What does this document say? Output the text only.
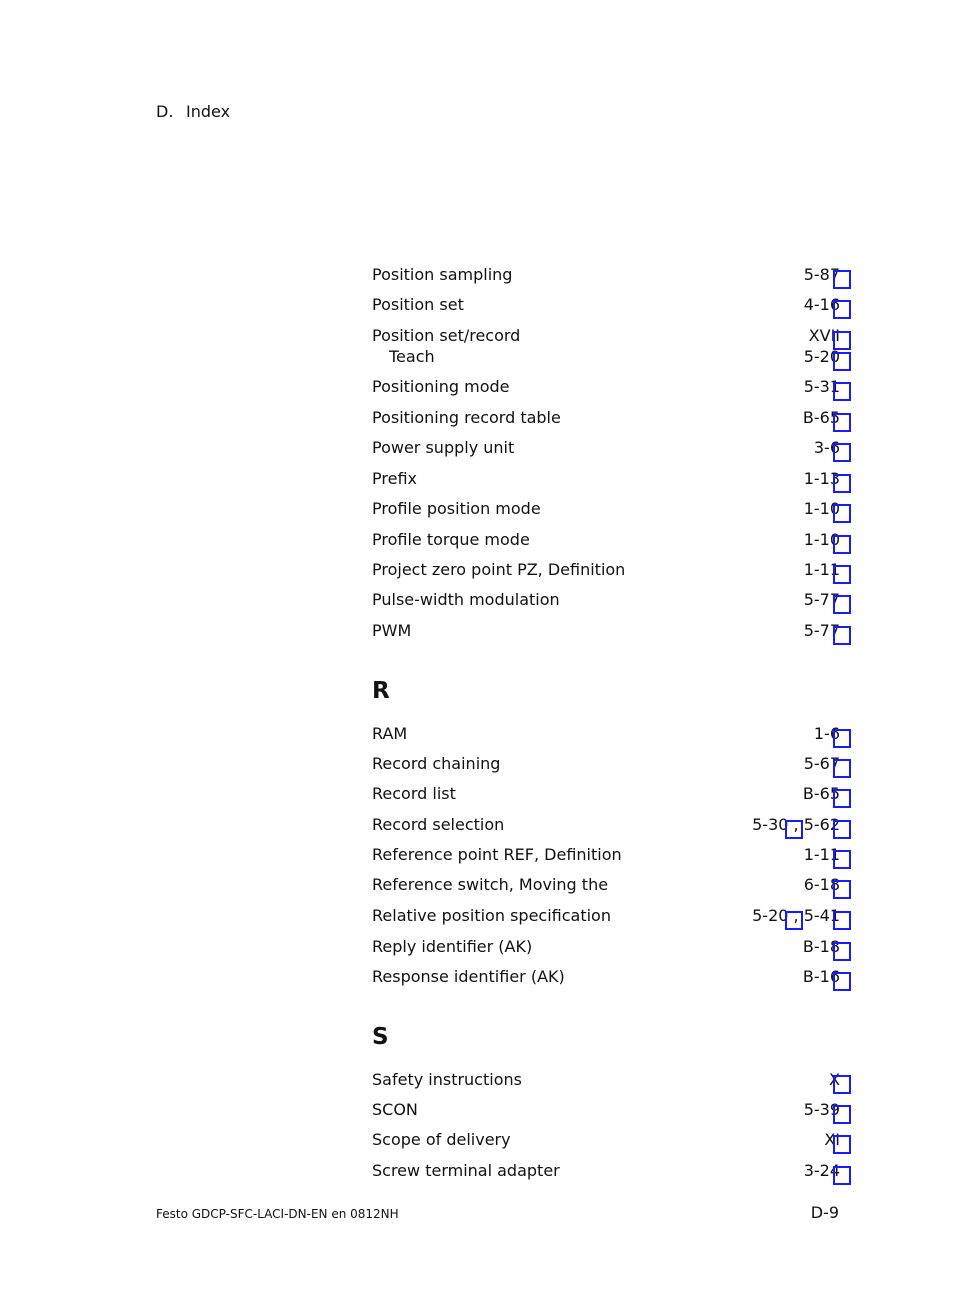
D. Index
Position sampling	5-87
Position set	4-16
Position set/record	XVII
Teach	5-20
Positioning mode	5-31
Positioning record table	B-65
Power supply unit	3-6
Prefix	1-13
Profile position mode	1-10
Profile torque mode	1-10
Project zero point PZ, Definition	1-11
Pulse-width modulation	5-77
PWM	5-77
R
RAM	1-6
Record chaining	5-67
Record list	B-65
Record selection	5-30 , 5-62
Reference point REF, Definition	1-11
Reference switch, Moving the	6-18
Relative position specification	5-20 , 5-41
Reply identifier (AK)	B-18
Response identifier (AK)	B-16
S
Safety instructions	X
SCON	5-39
Scope of delivery	XI
Screw terminal adapter	3-24
Festo GDCP-SFC-LACI-DN-EN en 0812NH	D-9
